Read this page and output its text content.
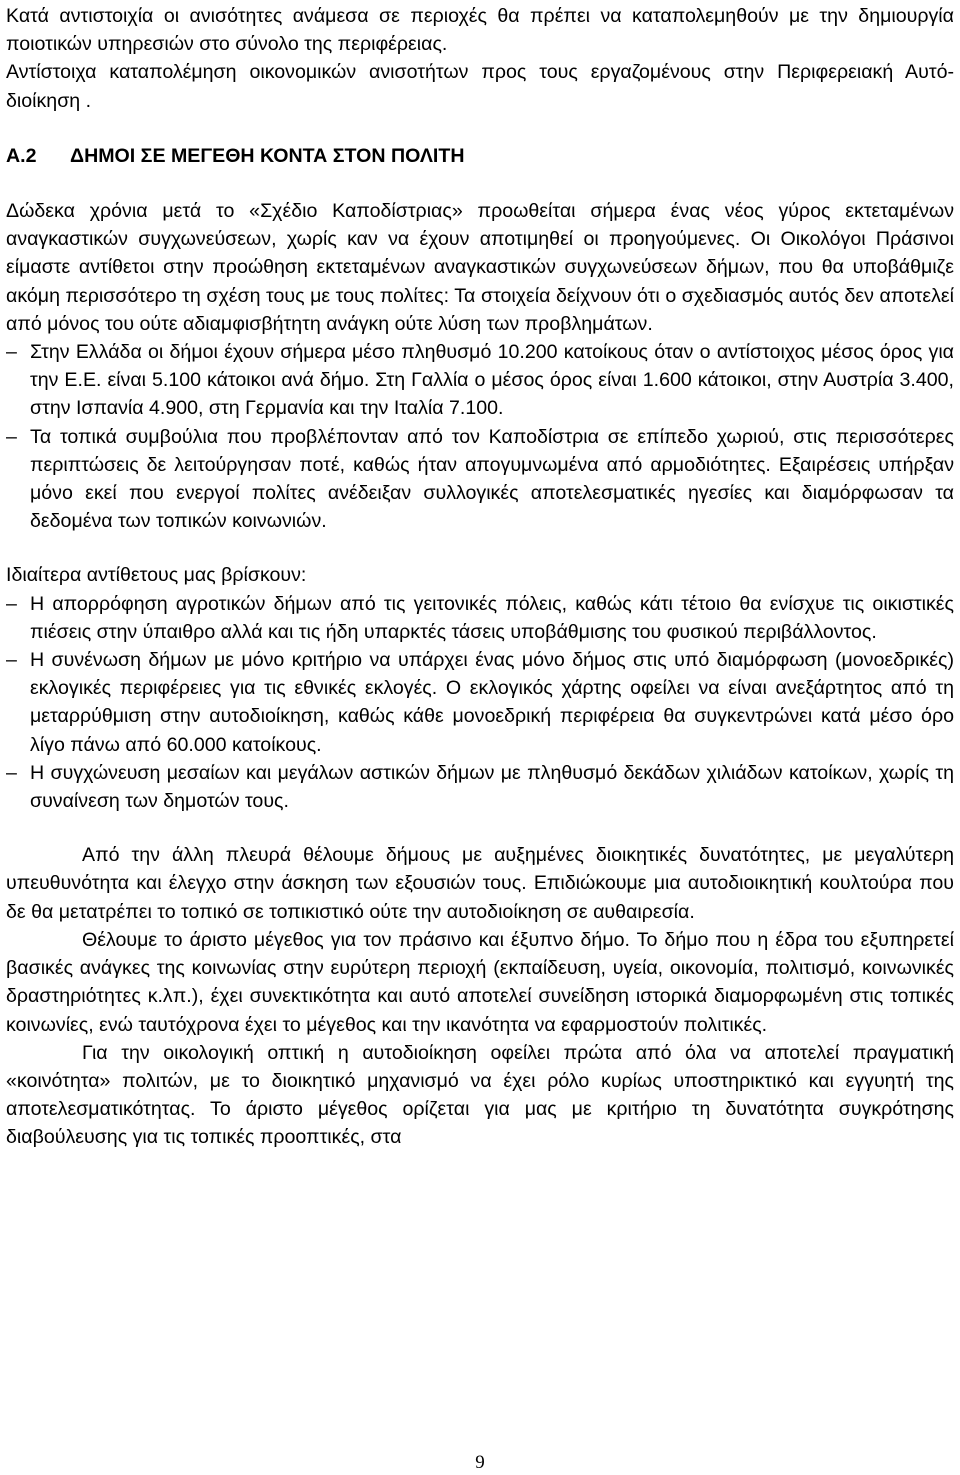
Κατά αντιστοιχία οι ανισότητες ανάμεσα σε περιοχές θα πρέπει να καταπολεμηθούν με την δημιουργία ποιοτικών υπηρεσιών στο σύνολο της περιφέρειας.
Αντίστοιχα καταπολέμηση οικονομικών ανισοτήτων προς τους εργαζομένους στην Περιφερειακή Αυτό-διοίκηση .

Α.2 ΔΗΜΟΙ ΣΕ ΜΕΓΕΘΗ ΚΟΝΤΑ ΣΤΟΝ ΠΟΛΙΤΗ

Δώδεκα χρόνια μετά το «Σχέδιο Καποδίστριας» προωθείται σήμερα ένας νέος γύρος εκτεταμένων αναγκαστικών συγχωνεύσεων, χωρίς καν να έχουν αποτιμηθεί οι προηγούμενες. Οι Οικολόγοι Πράσινοι είμαστε αντίθετοι στην προώθηση εκτεταμένων αναγκαστικών συγχωνεύσεων δήμων, που θα υποβάθμιζε ακόμη περισσότερο τη σχέση τους με τους πολίτες: Τα στοιχεία δείχνουν ότι ο σχεδιασμός αυτός δεν αποτελεί από μόνος του ούτε αδιαμφισβήτητη ανάγκη ούτε λύση των προβλημάτων.

– Στην Ελλάδα οι δήμοι έχουν σήμερα μέσο πληθυσμό 10.200 κατοίκους όταν ο αντίστοιχος μέσος όρος για την Ε.Ε. είναι 5.100 κάτοικοι ανά δήμο. Στη Γαλλία ο μέσος όρος είναι 1.600 κάτοικοι, στην Αυστρία 3.400, στην Ισπανία 4.900, στη Γερμανία και την Ιταλία 7.100.
– Τα τοπικά συμβούλια που προβλέπονταν από τον Καποδίστρια σε επίπεδο χωριού, στις περισσότερες περιπτώσεις δε λειτούργησαν ποτέ, καθώς ήταν απογυμνωμένα από αρμοδιότητες. Εξαιρέσεις υπήρξαν μόνο εκεί που ενεργοί πολίτες ανέδειξαν συλλογικές αποτελεσματικές ηγεσίες και διαμόρφωσαν τα δεδομένα των τοπικών κοινωνιών.

Ιδιαίτερα αντίθετους μας βρίσκουν:

– Η απορρόφηση αγροτικών δήμων από τις γειτονικές πόλεις, καθώς κάτι τέτοιο θα ενίσχυε τις οικιστικές πιέσεις στην ύπαιθρο αλλά και τις ήδη υπαρκτές τάσεις υποβάθμισης του φυσικού περιβάλλοντος.
– Η συνένωση δήμων με μόνο κριτήριο να υπάρχει ένας μόνο δήμος στις υπό διαμόρφωση (μονοεδρικές) εκλογικές περιφέρειες για τις εθνικές εκλογές. Ο εκλογικός χάρτης οφείλει να είναι ανεξάρτητος από τη μεταρρύθμιση στην αυτοδιοίκηση, καθώς κάθε μονοεδρική περιφέρεια θα συγκεντρώνει κατά μέσο όρο λίγο πάνω από 60.000 κατοίκους.
– Η συγχώνευση μεσαίων και μεγάλων αστικών δήμων με πληθυσμό δεκάδων χιλιάδων κατοίκων, χωρίς τη συναίνεση των δημοτών τους.

Από την άλλη πλευρά θέλουμε δήμους με αυξημένες διοικητικές δυνατότητες, με μεγαλύτερη υπευθυνότητα και έλεγχο στην άσκηση των εξουσιών τους. Επιδιώκουμε μια αυτοδιοικητική κουλτούρα που δε θα μετατρέπει το τοπικό σε τοπικιστικό ούτε την αυτοδιοίκηση σε αυθαιρεσία.

Θέλουμε το άριστο μέγεθος για τον πράσινο και έξυπνο δήμο. Το δήμο που η έδρα του εξυπηρετεί βασικές ανάγκες της κοινωνίας στην ευρύτερη περιοχή (εκπαίδευση, υγεία, οικονομία, πολιτισμό, κοινωνικές δραστηριότητες κ.λπ.), έχει συνεκτικότητα και αυτό αποτελεί συνείδηση ιστορικά διαμορφωμένη στις τοπικές κοινωνίες, ενώ ταυτόχρονα έχει το μέγεθος και την ικανότητα να εφαρμοστούν πολιτικές.

Για την οικολογική οπτική η αυτοδιοίκηση οφείλει πρώτα από όλα να αποτελεί πραγματική «κοινότητα» πολιτών, με το διοικητικό μηχανισμό να έχει ρόλο κυρίως υποστηρικτικό και εγγυητή της αποτελεσματικότητας. Το άριστο μέγεθος ορίζεται για μας με κριτήριο τη δυνατότητα συγκρότησης διαβούλευσης για τις τοπικές προοπτικές, στα

9
